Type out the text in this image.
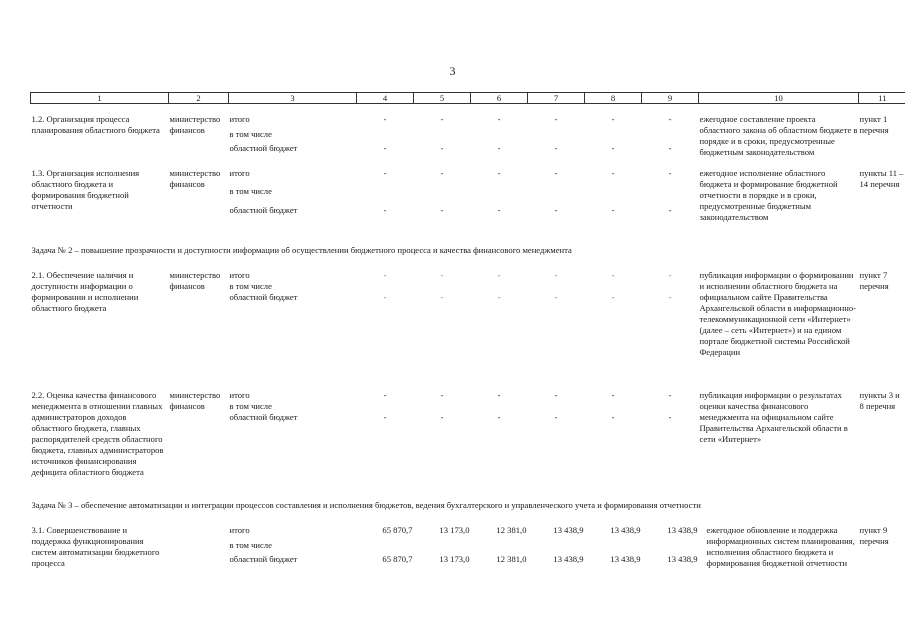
3
1	2	3	4	5	6	7	8	9	10	11

1.2. Организация процесса планирования областного бюджета	министерство финансов	итого	-	-	-	-	-	-	ежегодное составление проекта областного закона об областном бюджете в порядке и в сроки, предусмотренные бюджетным законодательством	пункт 1 перечня
		в том числе								
		областной бюджет	-	-	-	-	-	-		

1.3. Организация исполнения областного бюджета и формирования бюджетной отчетности	министерство финансов	итого	-	-	-	-	-	-	ежегодное исполнение областного бюджета и формирование бюджетной отчетности в порядке и в сроки, предусмотренные бюджетным законодательством	пункты 11 – 14 перечня
		в том числе								
		областной бюджет	-	-	-	-	-	-		
Задача № 2 – повышение прозрачности и доступности информации об осуществлении бюджетного процесса и качества финансового менеджмента										
2.1. Обеспечение наличия и доступности информации о формировании и исполнении областного бюджета	министерство финансов	итого	-	-	-	-	-	-	публикация информации о формировании и исполнении областного бюджета на официальном сайте Правительства Архангельской области в информационно-телекоммуникационной сети «Интернет» (далее – сеть «Интернет») и на едином портале бюджетной системы Российской Федерации	пункт 7 перечня
		в том числе								
		областной бюджет	-	-	-	-	-	-		

2.2. Оценка качества финансового менеджмента в отношении главных администраторов доходов областного бюджета, главных распорядителей средств областного бюджета, главных администраторов источников финансирования дефицита областного бюджета	министерство финансов	итого	-	-	-	-	-	-	публикация информации о результатах оценки качества финансового менеджмента на официальном сайте Правительства Архангельской области в сети «Интернет»	пункты 3 и 8 перечня
		в том числе								
		областной бюджет	-	-	-	-	-	-		
Задача № 3 – обеспечение автоматизации и интеграции процессов составления и исполнения бюджетов, ведения бухгалтерского и управленческого учета и формирования отчетности										
3.1. Совершенствование и поддержка функционирования систем автоматизации бюджетного процесса		итого	65 870,7	13 173,0	12 381,0	13 438,9	13 438,9	13 438,9	ежегодное обновление и поддержка информационных систем планирования, исполнения областного бюджета и формирования бюджетной отчетности	пункт 9 перечня
		в том числе								
		областной бюджет	65 870,7	13 173,0	12 381,0	13 438,9	13 438,9	13 438,9		
